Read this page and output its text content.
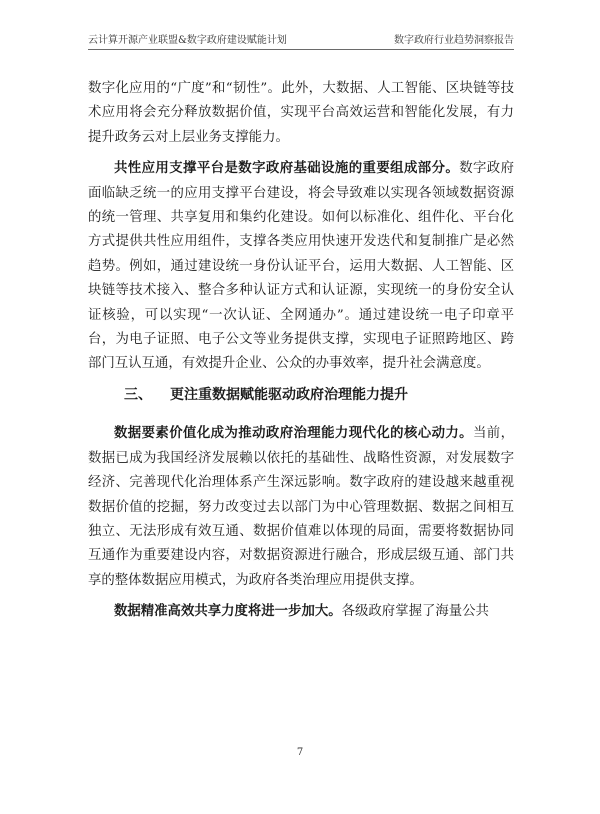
云计算开源产业联盟&数字政府建设赋能计划	数字政府行业趋势洞察报告

数字化应用的“广度”和“韧性”。此外，大数据、人工智能、区块链等技术应用将会充分释放数据价值，实现平台高效运营和智能化发展，有力提升政务云对上层业务支撑能力。

共性应用支撑平台是数字政府基础设施的重要组成部分。数字政府面临缺乏统一的应用支撑平台建设，将会导致难以实现各领域数据资源的统一管理、共享复用和集约化建设。如何以标准化、组件化、平台化方式提供共性应用组件，支撑各类应用快速开发迭代和复制推广是必然趋势。例如，通过建设统一身份认证平台，运用大数据、人工智能、区块链等技术接入、整合多种认证方式和认证源，实现统一的身份安全认证核验，可以实现“一次认证、全网通办”。通过建设统一电子印章平台，为电子证照、电子公文等业务提供支撑，实现电子证照跨地区、跨部门互认互通，有效提升企业、公众的办事效率，提升社会满意度。

三、 更注重数据赋能驱动政府治理能力提升

数据要素价值化成为推动政府治理能力现代化的核心动力。当前，数据已成为我国经济发展赖以依托的基础性、战略性资源，对发展数字经济、完善现代化治理体系产生深远影响。数字政府的建设越来越重视数据价值的挖掘，努力改变过去以部门为中心管理数据、数据之间相互独立、无法形成有效互通、数据价值难以体现的局面，需要将数据协同互通作为重要建设内容，对数据资源进行融合，形成层级互通、部门共享的整体数据应用模式，为政府各类治理应用提供支撑。

数据精准高效共享力度将进一步加大。各级政府掌握了海量公共

7
